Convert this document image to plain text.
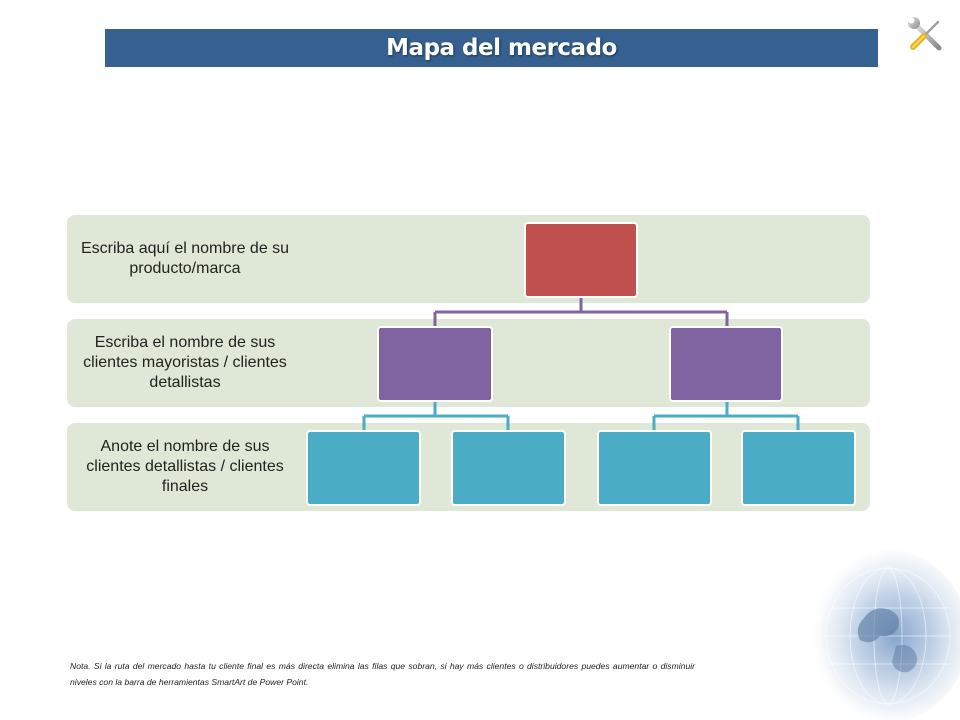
Mapa del mercado
Escriba aquí el nombre de su producto/marca
Escriba el nombre de sus clientes mayoristas / clientes detallistas
Anote el nombre de sus clientes detallistas / clientes finales
Nota. Si la ruta del mercado hasta tu cliente final es más directa elimina las filas que sobran, si hay más clientes o distribuidores puedes aumentar o disminuir niveles con la barra de herramientas SmartArt de Power Point.
